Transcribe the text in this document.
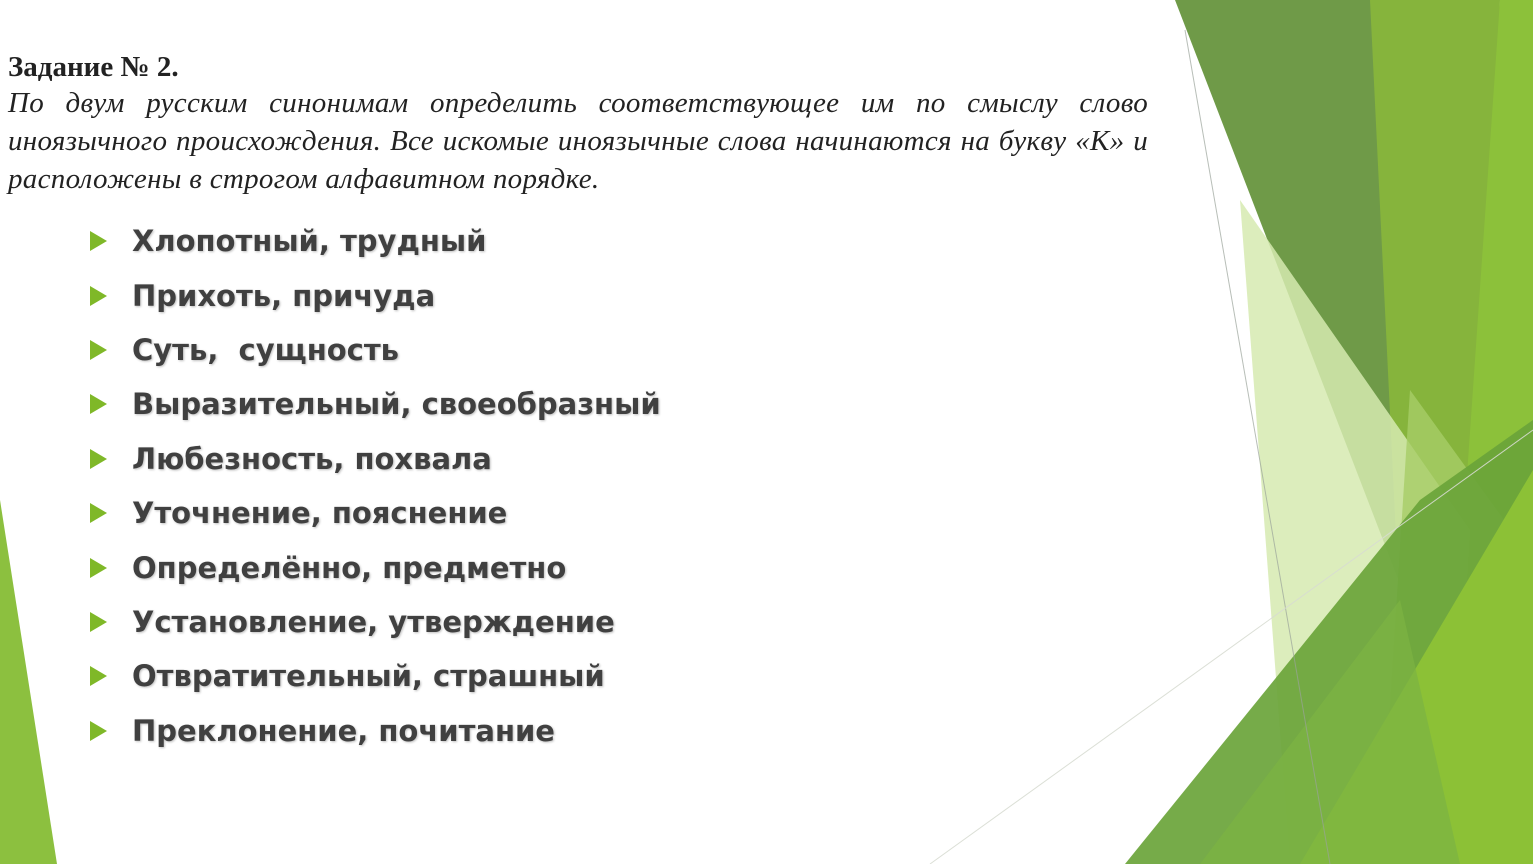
Задание № 2.

По двум русским синонимам определить соответствующее им по смыслу слово иноязычного происхождения. Все искомые иноязычные слова начинаются на букву «К» и расположены в строгом алфавитном порядке.

Хлопотный, трудный
Прихоть, причуда
Суть,  сущность
Выразительный, своеобразный
Любезность, похвала
Уточнение, пояснение
Определённо, предметно
Установление, утверждение
Отвратительный, страшный
Преклонение, почитание
